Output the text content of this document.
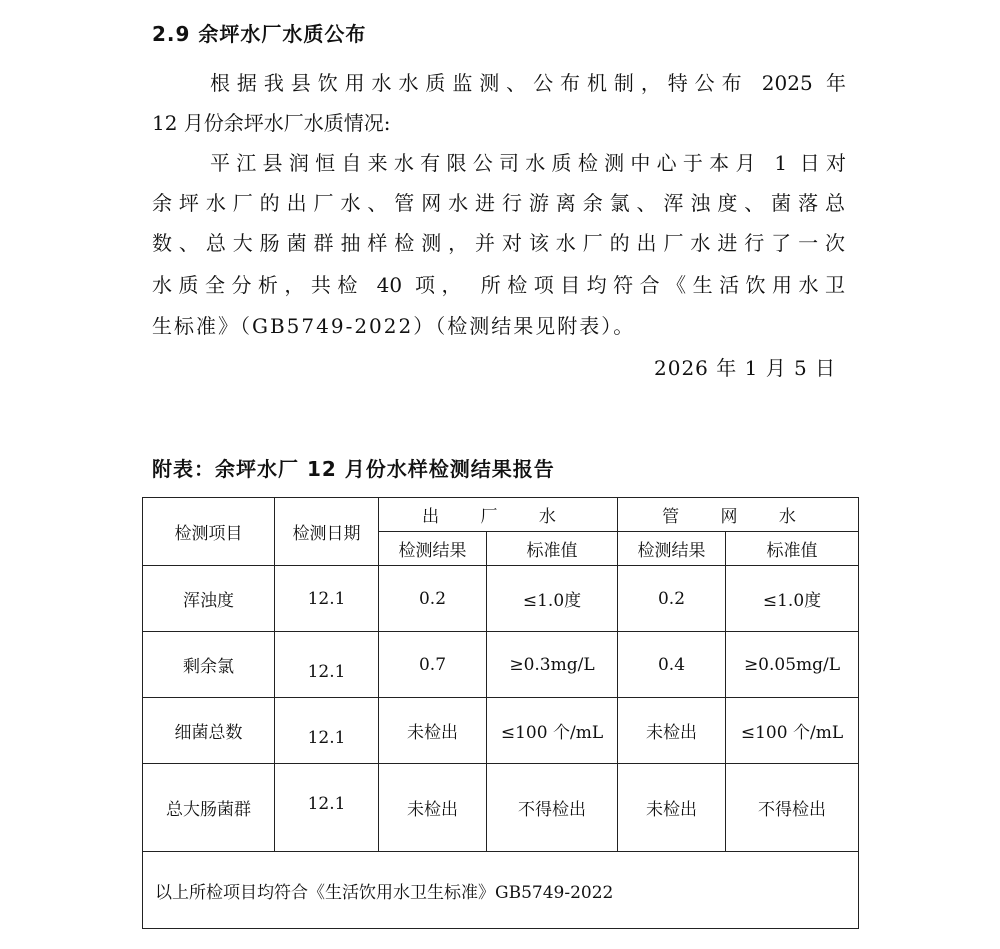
2.9 余坪水厂水质公布
根据我县饮用水水质监测、公布机制，特公布 2025 年
12 月份余坪水厂水质情况:
平江县润恒自来水有限公司水质检测中心于本月 1 日对
余坪水厂的出厂水、管网水进行游离余氯、浑浊度、菌落总
数、总大肠菌群抽样检测，并对该水厂的出厂水进行了一次
水质全分析，共检 40 项， 所检项目均符合《生活饮用水卫
生标准》（GB5749-2022）（检测结果见附表）。
2026 年 1 月 5 日
附表：余坪水厂 12 月份水样检测结果报告
检测项目	检测日期	出 厂 水		管 网 水	
		检测结果	标准值	检测结果	标准值
浑浊度	12.1	0.2	≤1.0度	0.2	≤1.0度
剩余氯	12.1	0.7	≥0.3mg/L	0.4	≥0.05mg/L
细菌总数	12.1	未检出	≤100 个/mL	未检出	≤100 个/mL
总大肠菌群	12.1	未检出	不得检出	未检出	不得检出
以上所检项目均符合《生活饮用水卫生标准》GB5749-2022					
